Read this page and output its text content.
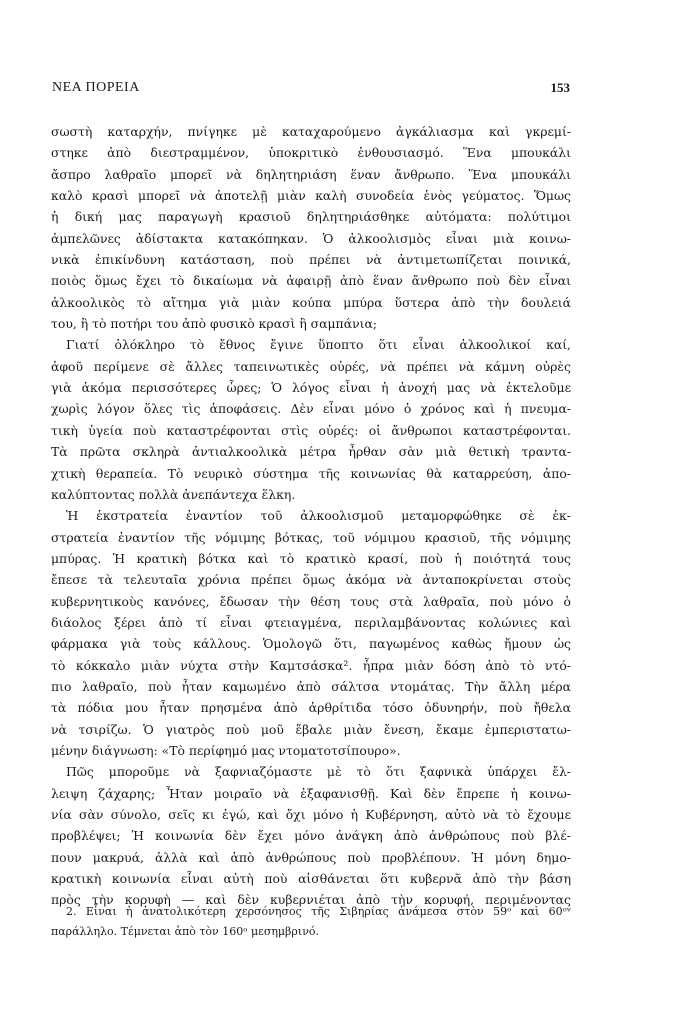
ΝΕΑ ΠΟΡΕΙΑ	153
σωστὴ καταρχήν, πνίγηκε μὲ καταχαρούμενο ἀγκάλιασμα καὶ γκρεμί-
στηκε ἀπὸ διεστραμμένον, ὑποκριτικὸ ἐνθουσιασμό. Ἕνα μπουκάλι
ἄσπρο λαθραῖο μπορεῖ νὰ δηλητηριάση ἕναν ἄνθρωπο. Ἕνα μπουκάλι
καλὸ κρασὶ μπορεῖ νὰ ἀποτελῇ μιὰν καλὴ συνοδεία ἑνὸς γεύματος. Ὅμως
ἡ δική μας παραγωγὴ κρασιοῦ δηλητηριάσθηκε αὐτόματα: πολύτιμοι
ἀμπελῶνες ἀδίστακτα κατακόπηκαν. Ὁ ἀλκοολισμὸς εἶναι μιὰ κοινω-
νικὰ ἐπικίνδυνη κατάσταση, ποὺ πρέπει νὰ ἀντιμετωπίζεται ποινικά,
ποιὸς ὅμως ἔχει τὸ δικαίωμα νὰ ἀφαιρῇ ἀπὸ ἕναν ἄνθρωπο ποὺ δὲν εἶναι
ἀλκοολικὸς τὸ αἴτημα γιὰ μιὰν κούπα μπύρα ὕστερα ἀπὸ τὴν δουλειά
του, ἢ τὸ ποτήρι του ἀπὸ φυσικὸ κρασὶ ἢ σαμπάνια;
Γιατί ὁλόκληρο τὸ ἔθνος ἔγινε ὕποπτο ὅτι εἶναι ἀλκοολικοί καί,
ἀφοῦ περίμενε σὲ ἄλλες ταπεινωτικὲς οὐρές, νὰ πρέπει νὰ κάμνη οὐρὲς
γιὰ ἀκόμα περισσότερες ὧρες; Ὁ λόγος εἶναι ἡ ἀνοχή μας νὰ ἐκτελοῦμε
χωρὶς λόγον ὅλες τὶς ἀποφάσεις. Δὲν εἶναι μόνο ὁ χρόνος καὶ ἡ πνευμα-
τικὴ ὑγεία ποὺ καταστρέφονται στὶς οὐρές: οἱ ἄνθρωποι καταστρέφονται.
Τὰ πρῶτα σκληρὰ ἀντιαλκοολικὰ μέτρα ἦρθαν σὰν μιὰ θετικὴ τραντα-
χτικὴ θεραπεία. Τὸ νευρικὸ σύστημα τῆς κοινωνίας θὰ καταρρεύση, ἀπο-
καλύπτοντας πολλὰ ἀνεπάντεχα ἕλκη.
Ἡ ἐκστρατεία ἐναντίον τοῦ ἀλκοολισμοῦ μεταμορφώθηκε σὲ ἐκ-
στρατεία ἐναντίον τῆς νόμιμης βότκας, τοῦ νόμιμου κρασιοῦ, τῆς νόμιμης
μπύρας. Ἡ κρατικὴ βότκα καὶ τὸ κρατικὸ κρασί, ποὺ ἡ ποιότητά τους
ἔπεσε τὰ τελευταῖα χρόνια πρέπει ὅμως ἀκόμα νὰ ἀνταποκρίνεται στοὺς
κυβερνητικοὺς κανόνες, ἔδωσαν τὴν θέση τους στὰ λαθραῖα, ποὺ μόνο ὁ
διάολος ξέρει ἀπὸ τί εἶναι φτειαγμένα, περιλαμβάνοντας κολώνιες καὶ
φάρμακα γιὰ τοὺς κάλλους. Ὁμολογῶ ὅτι, παγωμένος καθὼς ἤμουν ὡς
τὸ κόκκαλο μιὰν νύχτα στὴν Καμτσάσκα². ἦπρα μιὰν δόση ἀπὸ τὸ ντό-
πιο λαθραῖο, ποὺ ἦταν καμωμένο ἀπὸ σάλτσα ντομάτας. Τὴν ἄλλη μέρα
τὰ πόδια μου ἦταν πρησμένα ἀπὸ ἀρθρίτιδα τόσο ὀδυνηρήν, ποὺ ἤθελα
νὰ τσιρίζω. Ὁ γιατρὸς ποὺ μοῦ ἔβαλε μιὰν ἔνεση, ἔκαμε ἐμπεριστατω-
μένην διάγνωση: «Τὸ περίφημό μας ντοματοτσίπουρο».
Πῶς μποροῦμε νὰ ξαφνιαζόμαστε μὲ τὸ ὅτι ξαφνικὰ ὑπάρχει ἔλ-
λειψη ζάχαρης; Ἦταν μοιραῖο νὰ ἐξαφανισθῇ. Καὶ δὲν ἔπρεπε ἡ κοινω-
νία σὰν σύνολο, σεῖς κι ἐγώ, καὶ ὄχι μόνο ἡ Κυβέρνηση, αὐτὸ νὰ τὸ ἔχουμε
προβλέψει; Ἡ κοινωνία δὲν ἔχει μόνο ἀνάγκη ἀπὸ ἀνθρώπους ποὺ βλέ-
πουν μακρυά, ἀλλὰ καὶ ἀπὸ ἀνθρώπους ποὺ προβλέπουν. Ἡ μόνη δημο-
κρατικὴ κοινωνία εἶναι αὐτὴ ποὺ αἰσθάνεται ὅτι κυβερνᾶ ἀπὸ τὴν βάση
πρὸς τὴν κορυφὴ — καὶ δὲν κυβερνιέται ἀπὸ τὴν κορυφή, περιμένοντας
2. Εἶναι ἡ ἀνατολικότερη χερσόνησος τῆς Σιβηρίας ἀνάμεσα στὸν 59ᵒ καὶ 60ᵒᵛ
παράλληλο. Τέμνεται ἀπὸ τὸν 160ᵒ μεσημβρινό.
